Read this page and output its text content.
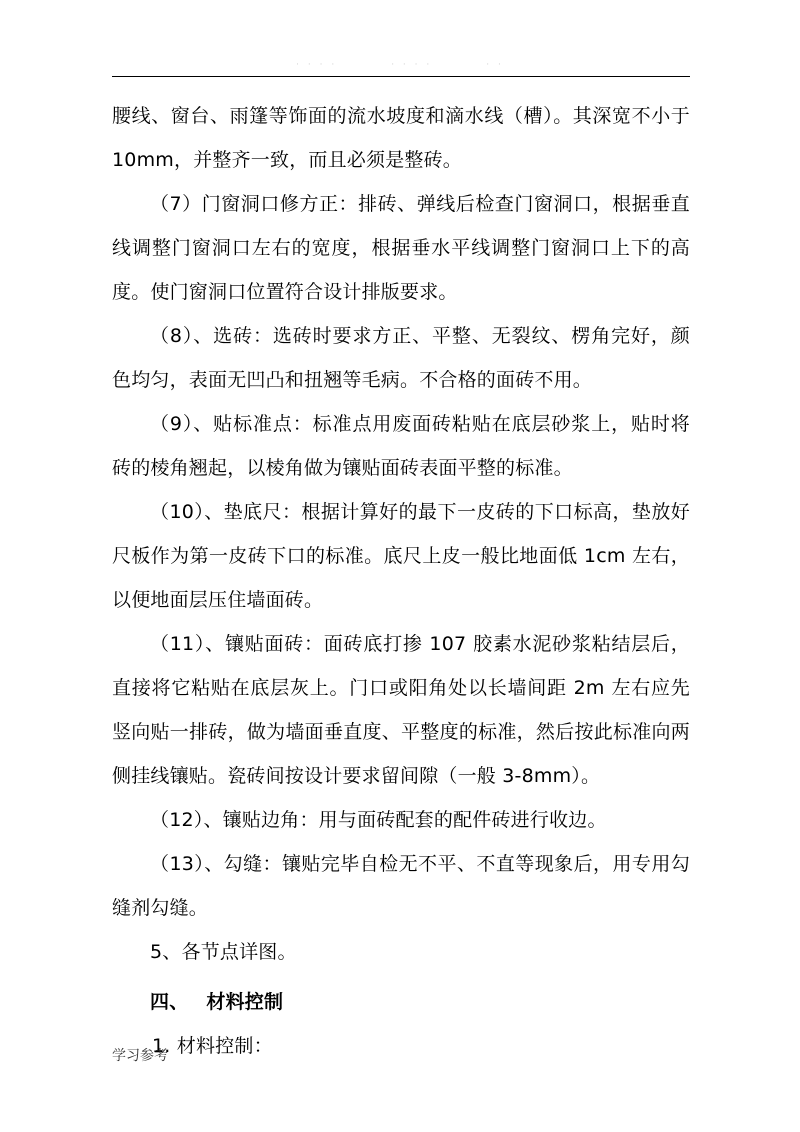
· · · ·	· · · ·	· ·

腰线、窗台、雨篷等饰面的流水坡度和滴水线（槽）。其深宽不小于 10mm，并整齐一致，而且必须是整砖。

（7）门窗洞口修方正：排砖、弹线后检查门窗洞口，根据垂直线调整门窗洞口左右的宽度，根据垂水平线调整门窗洞口上下的高度。使门窗洞口位置符合设计排版要求。

（8）、选砖：选砖时要求方正、平整、无裂纹、楞角完好，颜色均匀，表面无凹凸和扭翘等毛病。不合格的面砖不用。

（9）、贴标准点：标准点用废面砖粘贴在底层砂浆上，贴时将砖的棱角翘起，以棱角做为镶贴面砖表面平整的标准。

（10）、垫底尺：根据计算好的最下一皮砖的下口标高，垫放好尺板作为第一皮砖下口的标准。底尺上皮一般比地面低 1cm 左右，以便地面层压住墙面砖。

（11）、镶贴面砖：面砖底打掺 107 胶素水泥砂浆粘结层后，直接将它粘贴在底层灰上。门口或阳角处以长墙间距 2m 左右应先竖向贴一排砖，做为墙面垂直度、平整度的标准，然后按此标准向两侧挂线镶贴。瓷砖间按设计要求留间隙（一般 3-8mm）。

（12）、镶贴边角：用与面砖配套的配件砖进行收边。

（13）、勾缝：镶贴完毕自检无不平、不直等现象后，用专用勾缝剂勾缝。

5、各节点详图。

四、 材料控制

1. 材料控制：

学习参考
